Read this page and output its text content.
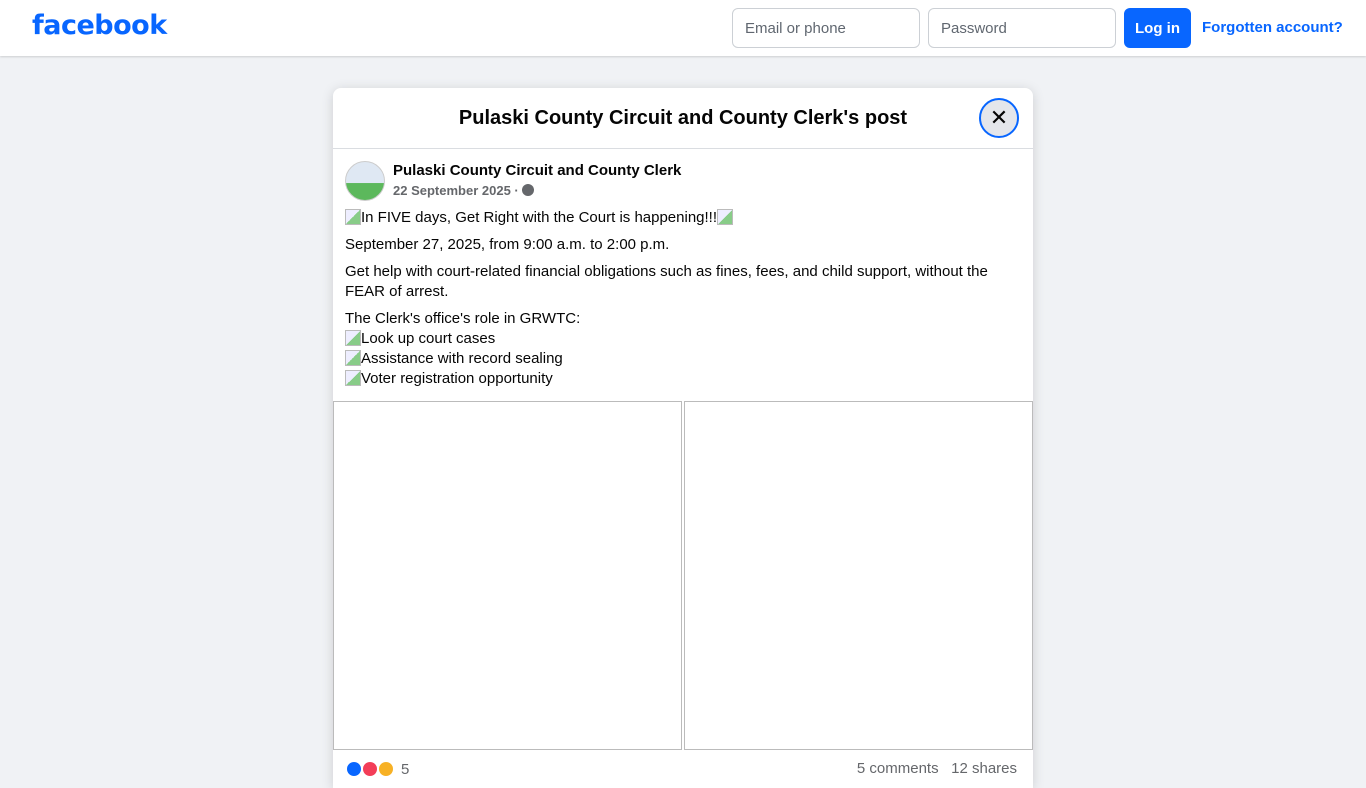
facebook
Email or phone	Log in	Forgotten account?
Pulaski County Circuit and County Clerk's post	✕
Pulaski County Circuit and County Clerk
22 September 2025 ·

In FIVE days, Get Right with the Court is happening!!!

September 27, 2025, from 9:00 a.m. to 2:00 p.m.

Get help with court-related financial obligations such as fines, fees, and child support, without the FEAR of arrest.

The Clerk's office's role in GRWTC:
Look up court cases
Assistance with record sealing
Voter registration opportunity
5	5 comments 12 shares
